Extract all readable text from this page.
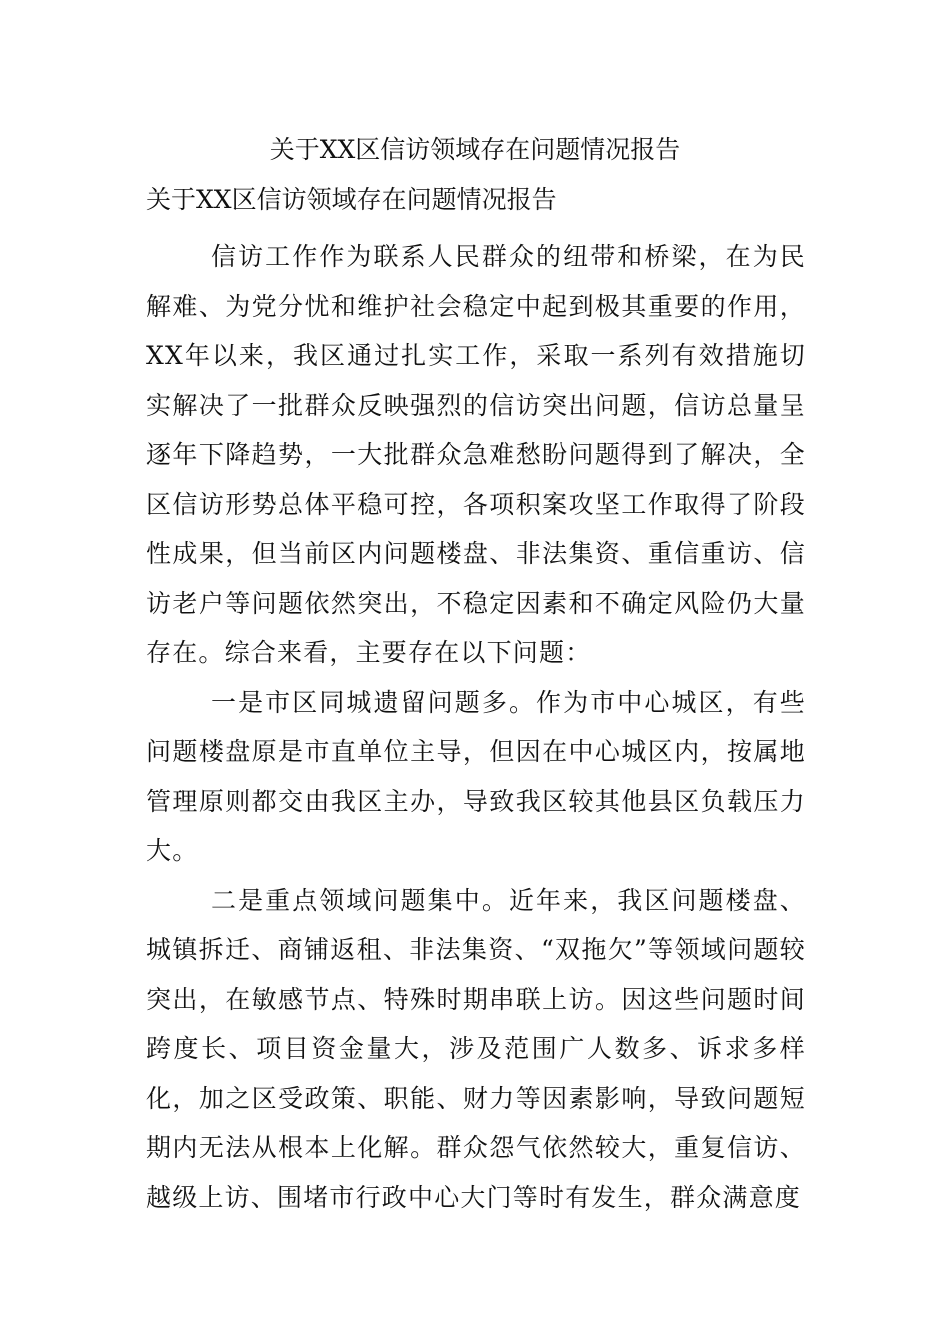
关于XX区信访领域存在问题情况报告
关于XX区信访领域存在问题情况报告

信访工作作为联系人民群众的纽带和桥梁，在为民解难、为党分忧和维护社会稳定中起到极其重要的作用，XX年以来，我区通过扎实工作，采取一系列有效措施切实解决了一批群众反映强烈的信访突出问题，信访总量呈逐年下降趋势，一大批群众急难愁盼问题得到了解决，全区信访形势总体平稳可控，各项积案攻坚工作取得了阶段性成果，但当前区内问题楼盘、非法集资、重信重访、信访老户等问题依然突出，不稳定因素和不确定风险仍大量存在。综合来看，主要存在以下问题：

一是市区同城遗留问题多。作为市中心城区，有些问题楼盘原是市直单位主导，但因在中心城区内，按属地管理原则都交由我区主办，导致我区较其他县区负载压力大。

二是重点领域问题集中。近年来，我区问题楼盘、城镇拆迁、商铺返租、非法集资、“双拖欠”等领域问题较突出，在敏感节点、特殊时期串联上访。因这些问题时间跨度长、项目资金量大，涉及范围广人数多、诉求多样化，加之区受政策、职能、财力等因素影响，导致问题短期内无法从根本上化解。群众怨气依然较大，重复信访、越级上访、围堵市行政中心大门等时有发生，群众满意度
